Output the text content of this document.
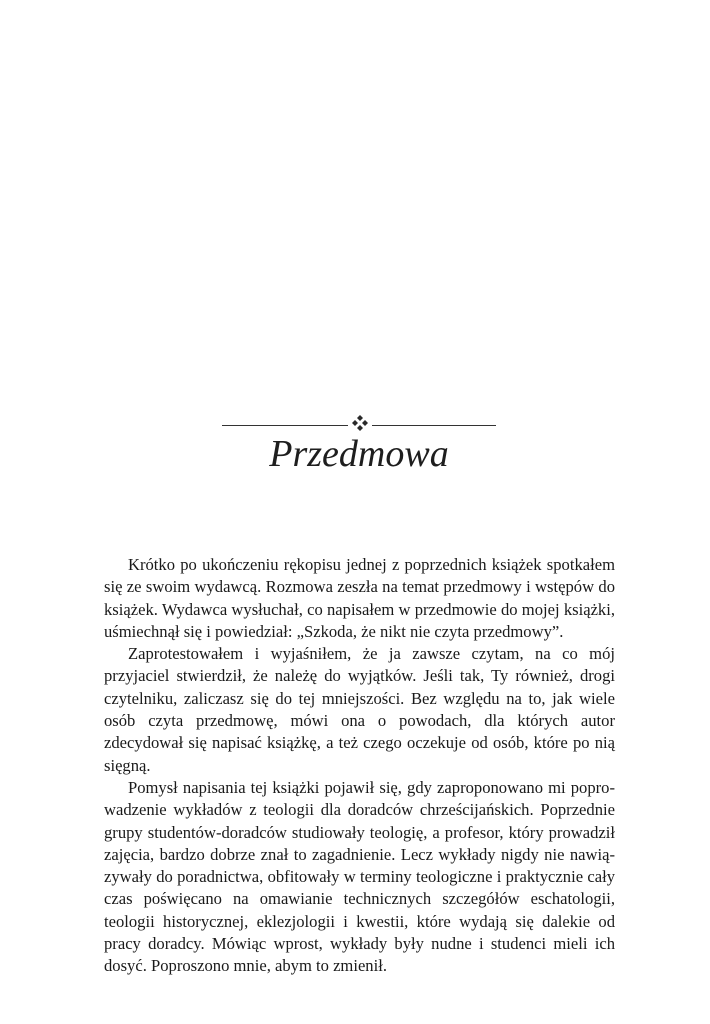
Przedmowa

Krótko po ukończeniu rękopisu jednej z poprzednich książek spotkałem się ze swoim wydawcą. Rozmowa zeszła na temat przedmowy i wstępów do książek. Wydawca wysłuchał, co napisałem w przedmowie do mojej książki, uśmiechnął się i powiedział: „Szkoda, że nikt nie czyta przedmowy”.

Zaprotestowałem i wyjaśniłem, że ja zawsze czytam, na co mój przyjaciel stwierdził, że należę do wyjątków. Jeśli tak, Ty również, drogi czytelniku, zaliczasz się do tej mniejszości. Bez względu na to, jak wiele osób czyta przedmowę, mówi ona o powodach, dla których autor zdecydował się napisać książkę, a też czego oczekuje od osób, które po nią sięgną.

Pomysł napisania tej książki pojawił się, gdy zaproponowano mi poprowadzenie wykładów z teologii dla doradców chrześcijańskich. Poprzednie grupy studentów-doradców studiowały teologię, a profesor, który prowadził zajęcia, bardzo dobrze znał to zagadnienie. Lecz wykłady nigdy nie nawiązywały do poradnictwa, obfitowały w terminy teologiczne i praktycznie cały czas poświęcano na omawianie technicznych szczegółów eschatologii, teologii historycznej, eklezjologii i kwestii, które wydają się dalekie od pracy doradcy. Mówiąc wprost, wykłady były nudne i studenci mieli ich dosyć. Poproszono mnie, abym to zmienił.
